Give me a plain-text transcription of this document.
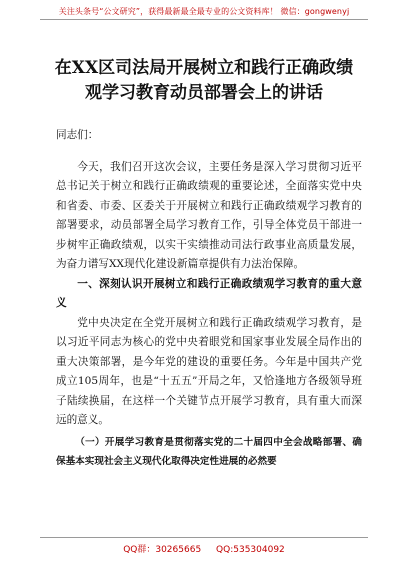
关注头条号“公文研究”，获得最新最全最专业的公文资料库！ 微信：gongwenyj
在XX区司法局开展树立和践行正确政绩
观学习教育动员部署会上的讲话

同志们：

今天，我们召开这次会议，主要任务是深入学习贯彻习近平总书记关于树立和践行正确政绩观的重要论述，全面落实党中央和省委、市委、区委关于开展树立和践行正确政绩观学习教育的部署要求，动员部署全局学习教育工作，引导全体党员干部进一步树牢正确政绩观，以实干实绩推动司法行政事业高质量发展，为奋力谱写XX现代化建设新篇章提供有力法治保障。

一、深刻认识开展树立和践行正确政绩观学习教育的重大意义

党中央决定在全党开展树立和践行正确政绩观学习教育，是以习近平同志为核心的党中央着眼党和国家事业发展全局作出的重大决策部署，是今年党的建设的重要任务。今年是中国共产党成立105周年，也是“十五五”开局之年，又恰逢地方各级领导班子陆续换届，在这样一个关键节点开展学习教育，具有重大而深远的意义。

（一）开展学习教育是贯彻落实党的二十届四中全会战略部署、确保基本实现社会主义现代化取得决定性进展的必然要

QQ群：30265665 QQ:535304092
